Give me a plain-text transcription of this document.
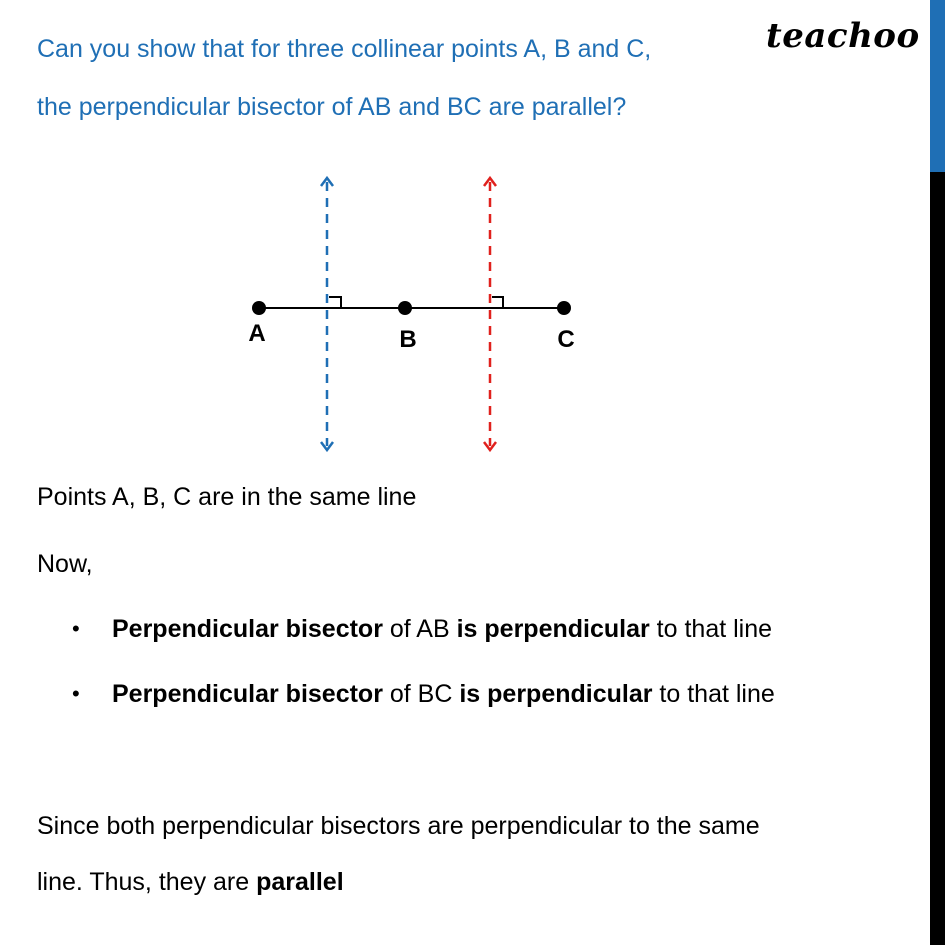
teachoo
Can you show that for three collinear points A, B and C,
the perpendicular bisector of AB and BC are parallel?
A	B	C
Points A, B, C are in the same line
Now,
• Perpendicular bisector of AB is perpendicular to that line
• Perpendicular bisector of BC is perpendicular to that line
Since both perpendicular bisectors are perpendicular to the same
line. Thus, they are parallel
